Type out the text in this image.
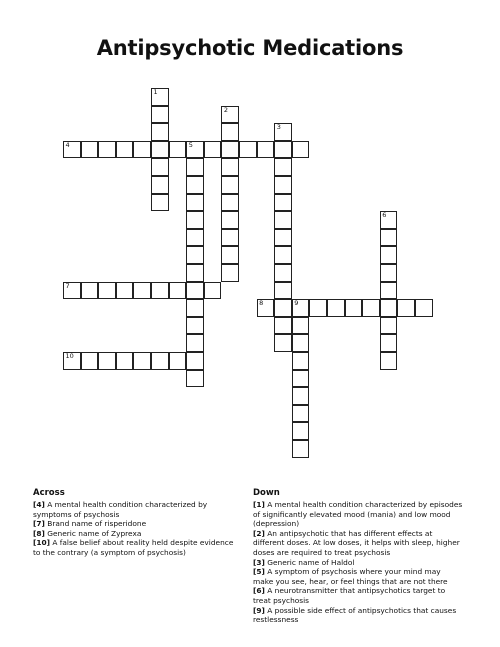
Antipsychotic Medications
1
2
3
4	5
6
7
8	9
10
Across
[4] A mental health condition characterized by symptoms of psychosis
[7] Brand name of risperidone
[8] Generic name of Zyprexa
[10] A false belief about reality held despite evidence to the contrary (a symptom of psychosis)
Down
[1] A mental health condition characterized by episodes of significantly elevated mood (mania) and low mood (depression)
[2] An antipsychotic that has different effects at different doses. At low doses, it helps with sleep, higher doses are required to treat psychosis
[3] Generic name of Haldol
[5] A symptom of psychosis where your mind may make you see, hear, or feel things that are not there
[6] A neurotransmitter that antipsychotics target to treat psychosis
[9] A possible side effect of antipsychotics that causes restlessness
